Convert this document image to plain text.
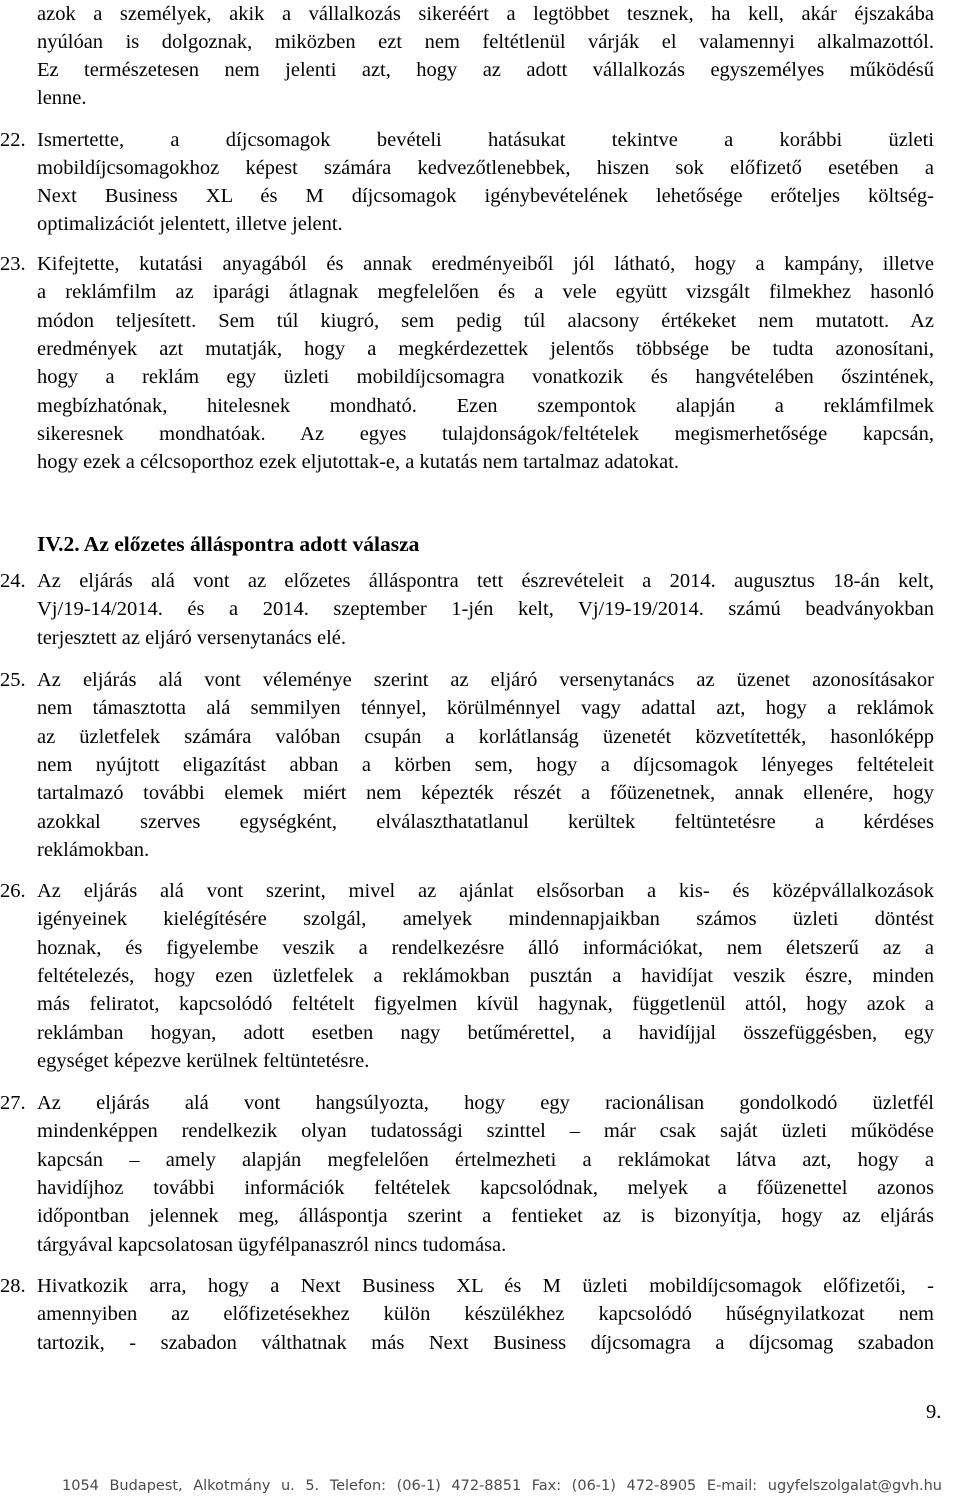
azok a személyek, akik a vállalkozás sikeréért a legtöbbet tesznek, ha kell, akár éjszakába
nyúlóan is dolgoznak, miközben ezt nem feltétlenül várják el valamennyi alkalmazottól.
Ez természetesen nem jelenti azt, hogy az adott vállalkozás egyszemélyes működésű
lenne.
22. Ismertette, a díjcsomagok bevételi hatásukat tekintve a korábbi üzleti
mobildíjcsomagokhoz képest számára kedvezőtlenebbek, hiszen sok előfizető esetében a
Next Business XL és M díjcsomagok igénybevételének lehetősége erőteljes költség-
optimalizációt jelentett, illetve jelent.
23. Kifejtette, kutatási anyagából és annak eredményeiből jól látható, hogy a kampány, illetve
a reklámfilm az iparági átlagnak megfelelően és a vele együtt vizsgált filmekhez hasonló
módon teljesített. Sem túl kiugró, sem pedig túl alacsony értékeket nem mutatott. Az
eredmények azt mutatják, hogy a megkérdezettek jelentős többsége be tudta azonosítani,
hogy a reklám egy üzleti mobildíjcsomagra vonatkozik és hangvételében őszintének,
megbízhatónak, hitelesnek mondható. Ezen szempontok alapján a reklámfilmek
sikeresnek mondhatóak. Az egyes tulajdonságok/feltételek megismerhetősége kapcsán,
hogy ezek a célcsoporthoz ezek eljutottak-e, a kutatás nem tartalmaz adatokat.
IV.2. Az előzetes álláspontra adott válasza
24. Az eljárás alá vont az előzetes álláspontra tett észrevételeit a 2014. augusztus 18-án kelt,
Vj/19-14/2014. és a 2014. szeptember 1-jén kelt, Vj/19-19/2014. számú beadványokban
terjesztett az eljáró versenytanács elé.
25. Az eljárás alá vont véleménye szerint az eljáró versenytanács az üzenet azonosításakor
nem támasztotta alá semmilyen ténnyel, körülménnyel vagy adattal azt, hogy a reklámok
az üzletfelek számára valóban csupán a korlátlanság üzenetét közvetítették, hasonlóképp
nem nyújtott eligazítást abban a körben sem, hogy a díjcsomagok lényeges feltételeit
tartalmazó további elemek miért nem képezték részét a főüzenetnek, annak ellenére, hogy
azokkal szerves egységként, elválaszthatatlanul kerültek feltüntetésre a kérdéses
reklámokban.
26. Az eljárás alá vont szerint, mivel az ajánlat elsősorban a kis- és középvállalkozások
igényeinek kielégítésére szolgál, amelyek mindennapjaikban számos üzleti döntést
hoznak, és figyelembe veszik a rendelkezésre álló információkat, nem életszerű az a
feltételezés, hogy ezen üzletfelek a reklámokban pusztán a havidíjat veszik észre, minden
más feliratot, kapcsolódó feltételt figyelmen kívül hagynak, függetlenül attól, hogy azok a
reklámban hogyan, adott esetben nagy betűmérettel, a havidíjjal összefüggésben, egy
egységet képezve kerülnek feltüntetésre.
27. Az eljárás alá vont hangsúlyozta, hogy egy racionálisan gondolkodó üzletfél
mindenképpen rendelkezik olyan tudatossági szinttel – már csak saját üzleti működése
kapcsán – amely alapján megfelelően értelmezheti a reklámokat látva azt, hogy a
havidíjhoz további információk feltételek kapcsolódnak, melyek a főüzenettel azonos
időpontban jelennek meg, álláspontja szerint a fentieket az is bizonyítja, hogy az eljárás
tárgyával kapcsolatosan ügyfélpanaszról nincs tudomása.
28. Hivatkozik arra, hogy a Next Business XL és M üzleti mobildíjcsomagok előfizetői, -
amennyiben az előfizetésekhez külön készülékhez kapcsolódó hűségnyilatkozat nem
tartozik, - szabadon válthatnak más Next Business díjcsomagra a díjcsomag szabadon
9.
1054 Budapest, Alkotmány u. 5. Telefon: (06-1) 472-8851 Fax: (06-1) 472-8905 E-mail: ugyfelszolgalat@gvh.hu
